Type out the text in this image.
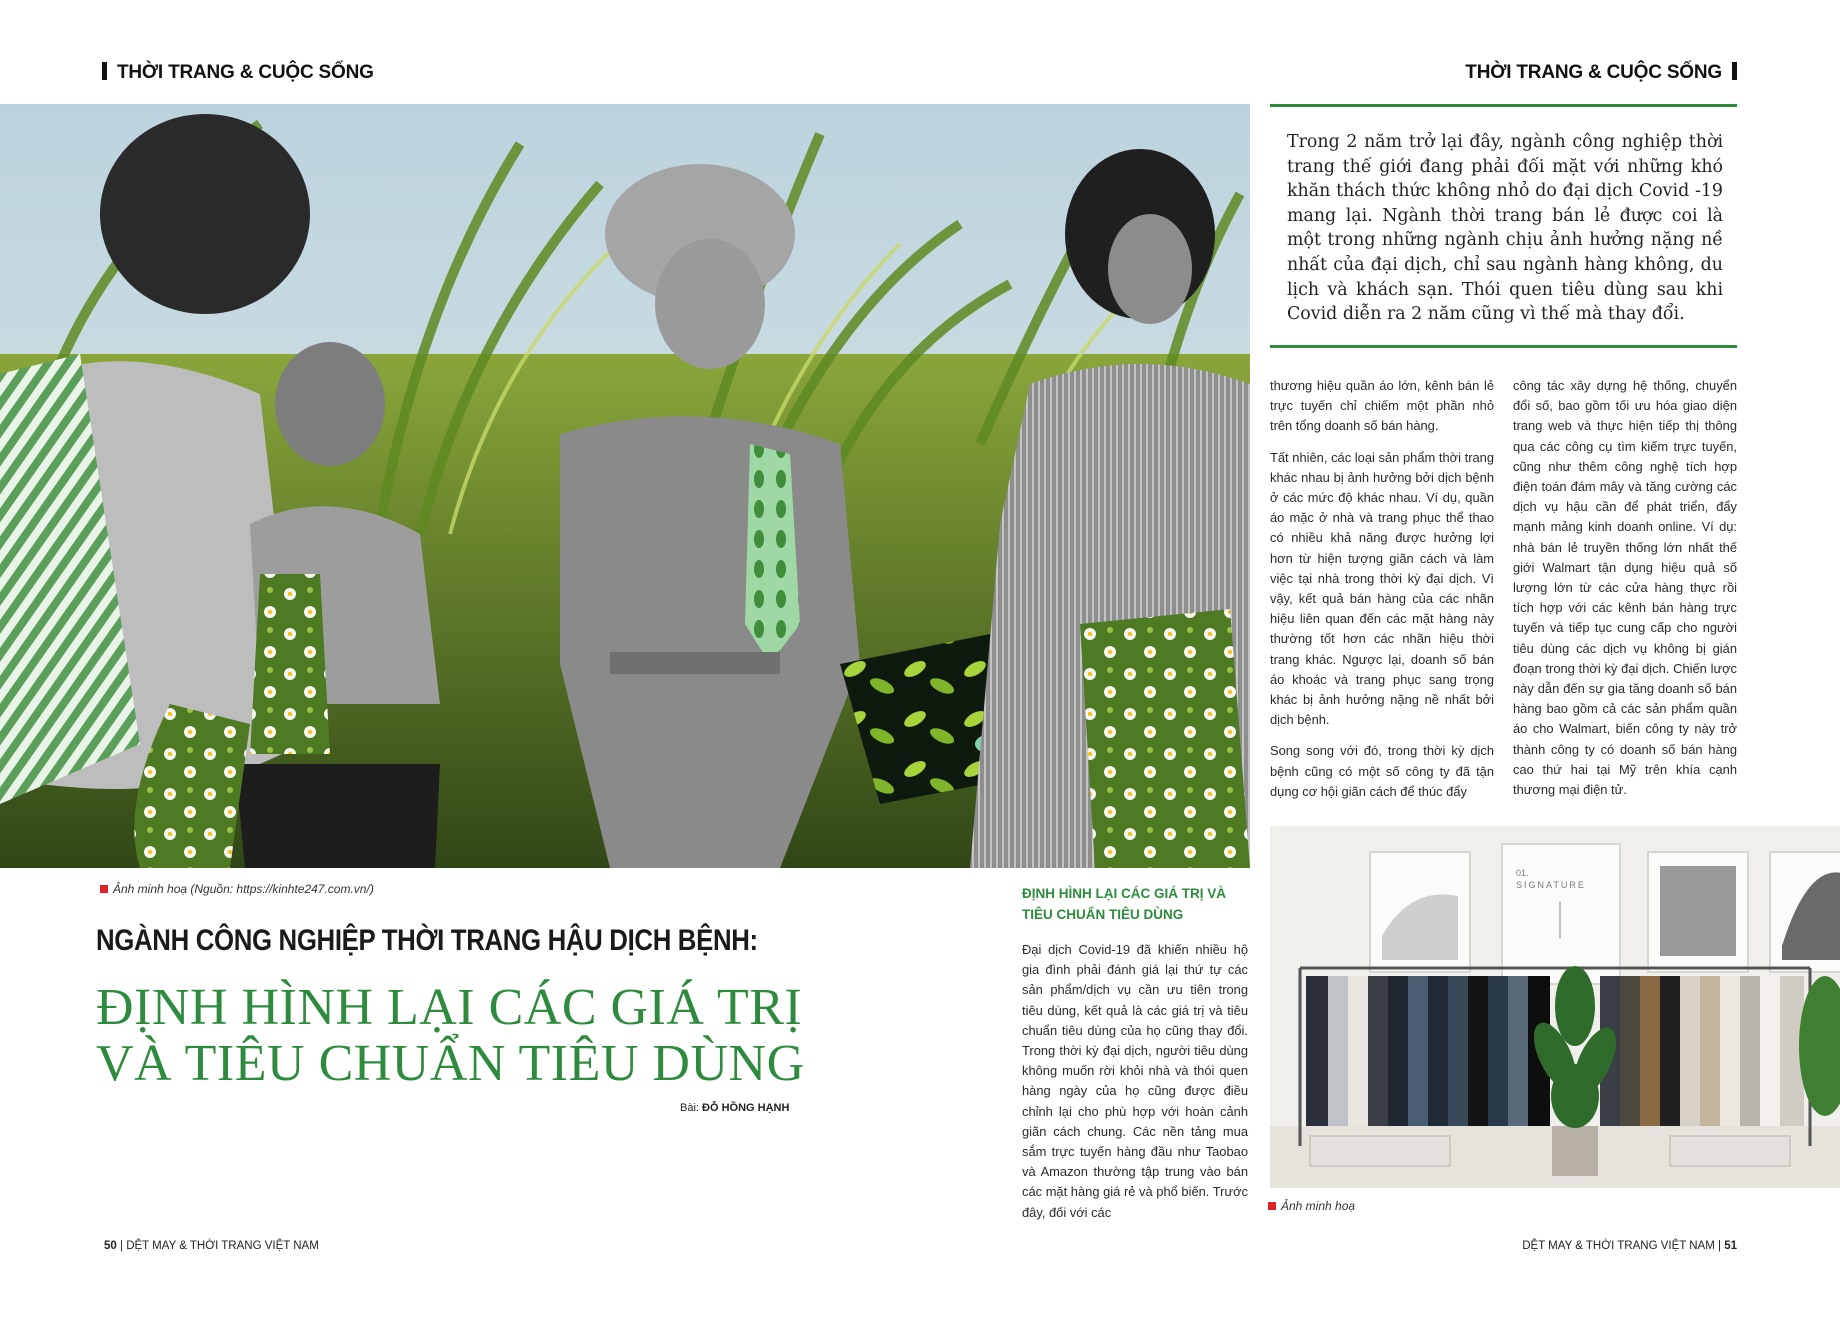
THỜI TRANG & CUỘC SỐNG	THỜI TRANG & CUỘC SỐNG
Ảnh minh hoạ (Nguồn: https://kinhte247.com.vn/)
NGÀNH CÔNG NGHIỆP THỜI TRANG HẬU DỊCH BỆNH:
ĐỊNH HÌNH LẠI CÁC GIÁ TRỊ
VÀ TIÊU CHUẨN TIÊU DÙNG
Bài: ĐỖ HỒNG HẠNH
Trong 2 năm trở lại đây, ngành công nghiệp thời trang thế giới đang phải đối mặt với những khó khăn thách thức không nhỏ do đại dịch Covid -19 mang lại. Ngành thời trang bán lẻ được coi là một trong những ngành chịu ảnh hưởng nặng nề nhất của đại dịch, chỉ sau ngành hàng không, du lịch và khách sạn. Thói quen tiêu dùng sau khi Covid diễn ra 2 năm cũng vì thế mà thay đổi.
ĐỊNH HÌNH LẠI CÁC GIÁ TRỊ VÀ TIÊU CHUẨN TIÊU DÙNG

Đại dịch Covid-19 đã khiến nhiều hộ gia đình phải đánh giá lại thứ tự các sản phẩm/dịch vụ cần ưu tiên trong tiêu dùng, kết quả là các giá trị và tiêu chuẩn tiêu dùng của họ cũng thay đổi. Trong thời kỳ đại dịch, người tiêu dùng không muốn rời khỏi nhà và thói quen hàng ngày của họ cũng được điều chỉnh lại cho phù hợp với hoàn cảnh giãn cách chung. Các nền tảng mua sắm trực tuyến hàng đầu như Taobao và Amazon thường tập trung vào bán các mặt hàng giá rẻ và phổ biến. Trước đây, đối với các

thương hiệu quần áo lớn, kênh bán lẻ trực tuyến chỉ chiếm một phần nhỏ trên tổng doanh số bán hàng.

Tất nhiên, các loại sản phẩm thời trang khác nhau bị ảnh hưởng bởi dịch bệnh ở các mức độ khác nhau. Ví dụ, quần áo mặc ở nhà và trang phục thể thao có nhiều khả năng được hưởng lợi hơn từ hiện tượng giãn cách và làm việc tại nhà trong thời kỳ đại dịch. Vì vậy, kết quả bán hàng của các nhãn hiệu liên quan đến các mặt hàng này thường tốt hơn các nhãn hiệu thời trang khác. Ngược lại, doanh số bán áo khoác và trang phục sang trọng khác bị ảnh hưởng nặng nề nhất bởi dịch bệnh.

Song song với đó, trong thời kỳ dịch bệnh cũng có một số công ty đã tận dụng cơ hội giãn cách để thúc đẩy

công tác xây dựng hệ thống, chuyển đổi số, bao gồm tối ưu hóa giao diện trang web và thực hiện tiếp thị thông qua các công cụ tìm kiếm trực tuyến, cũng như thêm công nghệ tích hợp điện toán đám mây và tăng cường các dịch vụ hậu cần để phát triển, đẩy mạnh mảng kinh doanh online. Ví dụ: nhà bán lẻ truyền thống lớn nhất thế giới Walmart tận dụng hiệu quả số lượng lớn từ các cửa hàng thực rồi tích hợp với các kênh bán hàng trực tuyến và tiếp tục cung cấp cho người tiêu dùng các dịch vụ không bị gián đoạn trong thời kỳ đại dịch. Chiến lược này dẫn đến sự gia tăng doanh số bán hàng bao gồm cả các sản phẩm quần áo cho Walmart, biến công ty này trở thành công ty có doanh số bán hàng cao thứ hai tại Mỹ trên khía cạnh thương mại điện tử.

01.
SIGNATURE
Ảnh minh hoạ
50 | DỆT MAY & THỜI TRANG VIỆT NAM	DỆT MAY & THỜI TRANG VIỆT NAM | 51
